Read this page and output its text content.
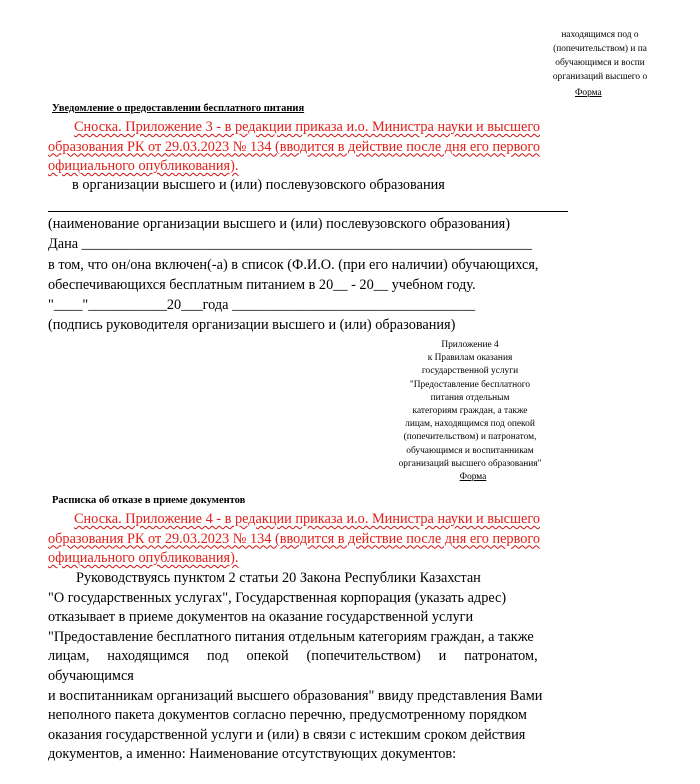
находящимся под о
(попечительством) и па
обучающимся и воспи
организаций высшего о
Форма
Уведомление о предоставлении бесплатного питания
Сноска. Приложение 3 - в редакции приказа и.о. Министра науки и высшего
образования РК от 29.03.2023 № 134 (вводится в действие после дня его первого
официального опубликования).
в организации высшего и (или) послевузовского образования
(наименование организации высшего и (или) послевузовского образования)
Дана _______________________________________________________________
в том, что он/она включен(-а) в список (Ф.И.О. (при его наличии) обучающихся,
обеспечивающихся бесплатным питанием в 20__ - 20__ учебном году.
"____"___________20___года __________________________________
(подпись руководителя организации высшего и (или) образования)
Приложение 4
к Правилам оказания
государственной услуги
"Предоставление бесплатного
питания отдельным
категориям граждан, а также
лицам, находящимся под опекой
(попечительством) и патронатом,
обучающимся и воспитанникам
организаций высшего образования"
Форма
Расписка об отказе в приеме документов
Сноска. Приложение 4 - в редакции приказа и.о. Министра науки и высшего
образования РК от 29.03.2023 № 134 (вводится в действие после дня его первого
официального опубликования).
Руководствуясь пунктом 2 статьи 20 Закона Республики Казахстан
"О государственных услугах", Государственная корпорация (указать адрес)
отказывает в приеме документов на оказание государственной услуги
"Предоставление бесплатного питания отдельным категориям граждан, а также
лицам,     находящимся     под     опекой     (попечительством)     и     патронатом,
обучающимся
и воспитанникам организаций высшего образования" ввиду представления Вами
неполного пакета документов согласно перечню, предусмотренному порядком
оказания государственной услуги и (или) в связи с истекшим сроком действия
документов, а именно: Наименование отсутствующих документов:
